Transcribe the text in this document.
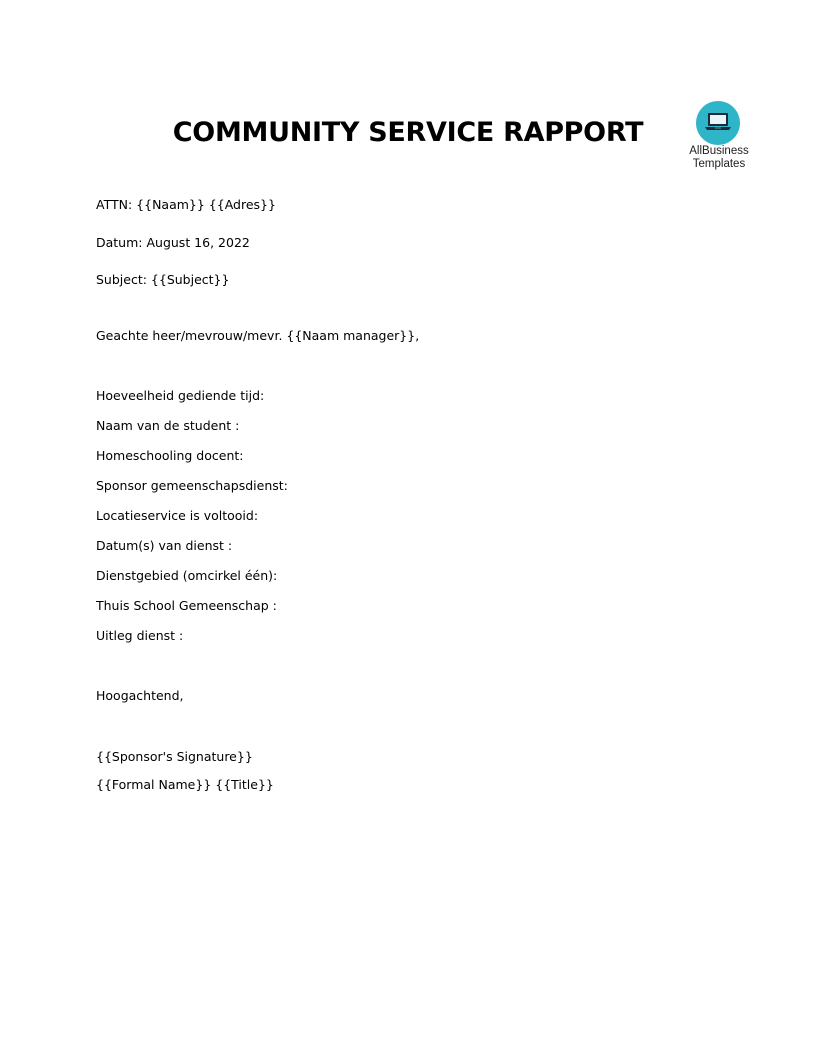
COMMUNITY SERVICE RAPPORT
AllBusiness
Templates

ATTN: {{Naam}} {{Adres}}

Datum: August 16, 2022

Subject: {{Subject}}

Geachte heer/mevrouw/mevr. {{Naam manager}},

Hoeveelheid gediende tijd:

Naam van de student :

Homeschooling docent:

Sponsor gemeenschapsdienst:

Locatieservice is voltooid:

Datum(s) van dienst :

Dienstgebied (omcirkel één):

Thuis School Gemeenschap :

Uitleg dienst :

Hoogachtend,

{{Sponsor's Signature}}

{{Formal Name}} {{Title}}
